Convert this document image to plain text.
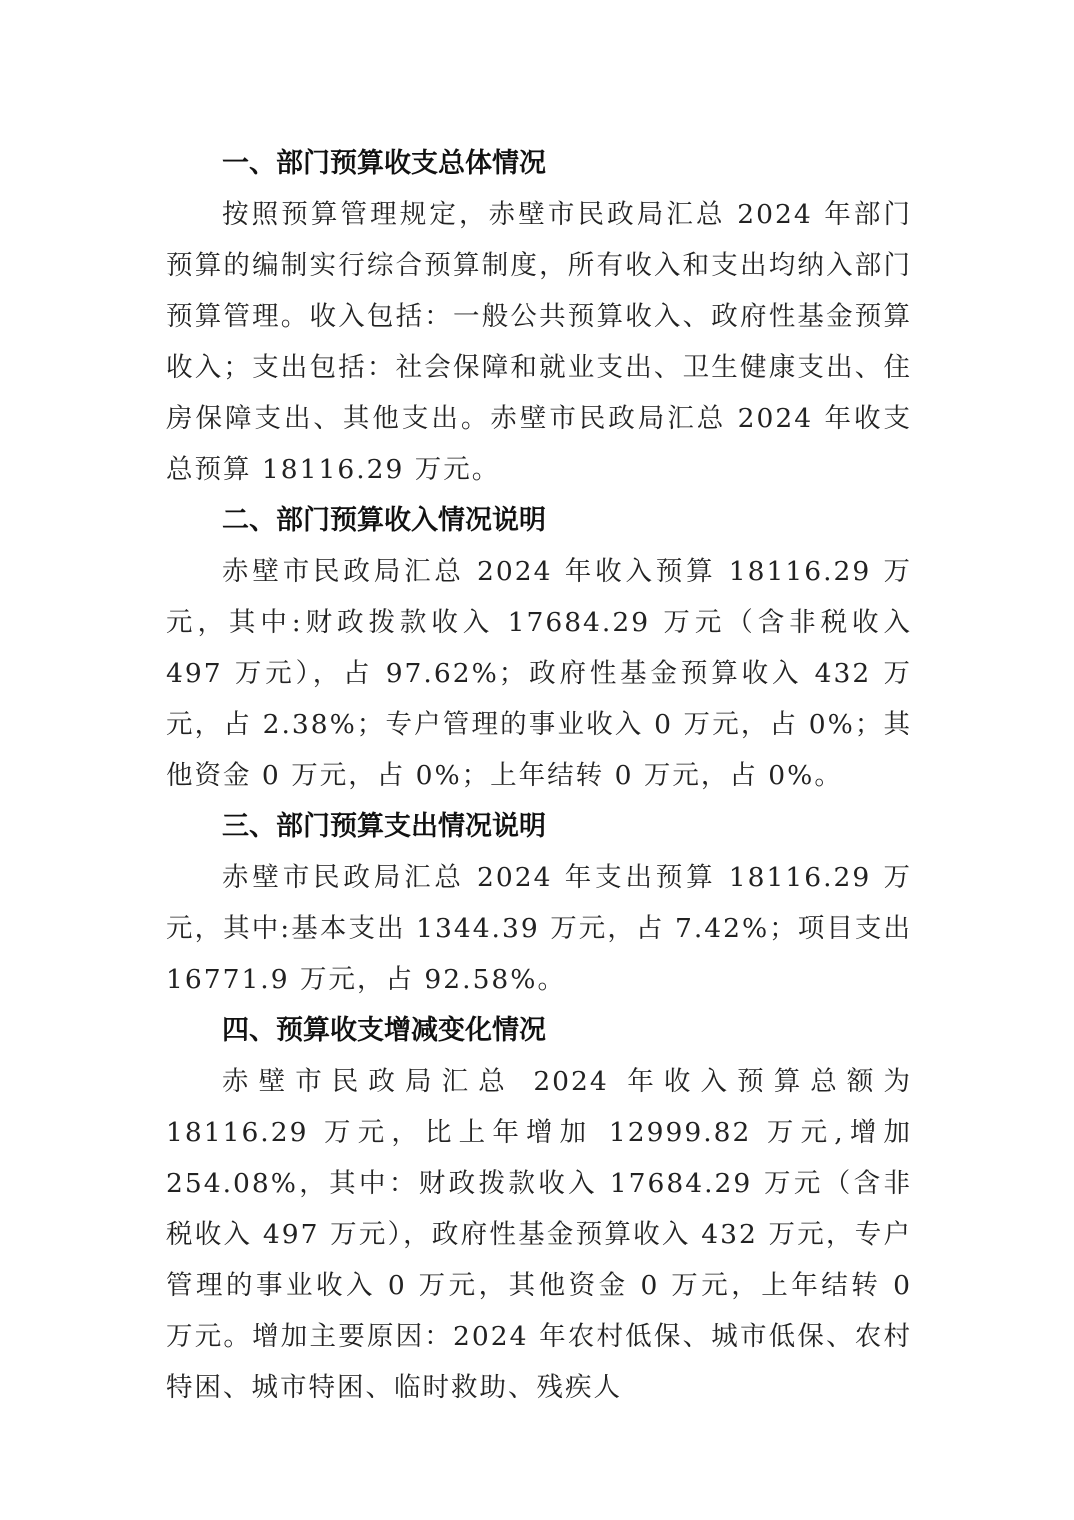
一、部门预算收支总体情况

按照预算管理规定，赤壁市民政局汇总 2024 年部门预算的编制实行综合预算制度，所有收入和支出均纳入部门预算管理。收入包括：一般公共预算收入、政府性基金预算收入；支出包括：社会保障和就业支出、卫生健康支出、住房保障支出、其他支出。赤壁市民政局汇总 2024 年收支总预算 18116.29 万元。

二、部门预算收入情况说明

赤壁市民政局汇总 2024 年收入预算 18116.29 万元，其中:财政拨款收入 17684.29 万元（含非税收入 497 万元），占 97.62%；政府性基金预算收入 432 万元，占 2.38%；专户管理的事业收入 0 万元，占 0%；其他资金 0 万元，占 0%；上年结转 0 万元，占 0%。

三、部门预算支出情况说明

赤壁市民政局汇总 2024 年支出预算 18116.29 万元，其中:基本支出 1344.39 万元，占 7.42%；项目支出 16771.9 万元，占 92.58%。

四、预算收支增减变化情况

赤壁市民政局汇总 2024 年收入预算总额为 18116.29 万元，比上年增加 12999.82 万元,增加 254.08%，其中：财政拨款收入 17684.29 万元（含非税收入 497 万元），政府性基金预算收入 432 万元，专户管理的事业收入 0 万元，其他资金 0 万元，上年结转 0 万元。增加主要原因：2024 年农村低保、城市低保、农村特困、城市特困、临时救助、残疾人
